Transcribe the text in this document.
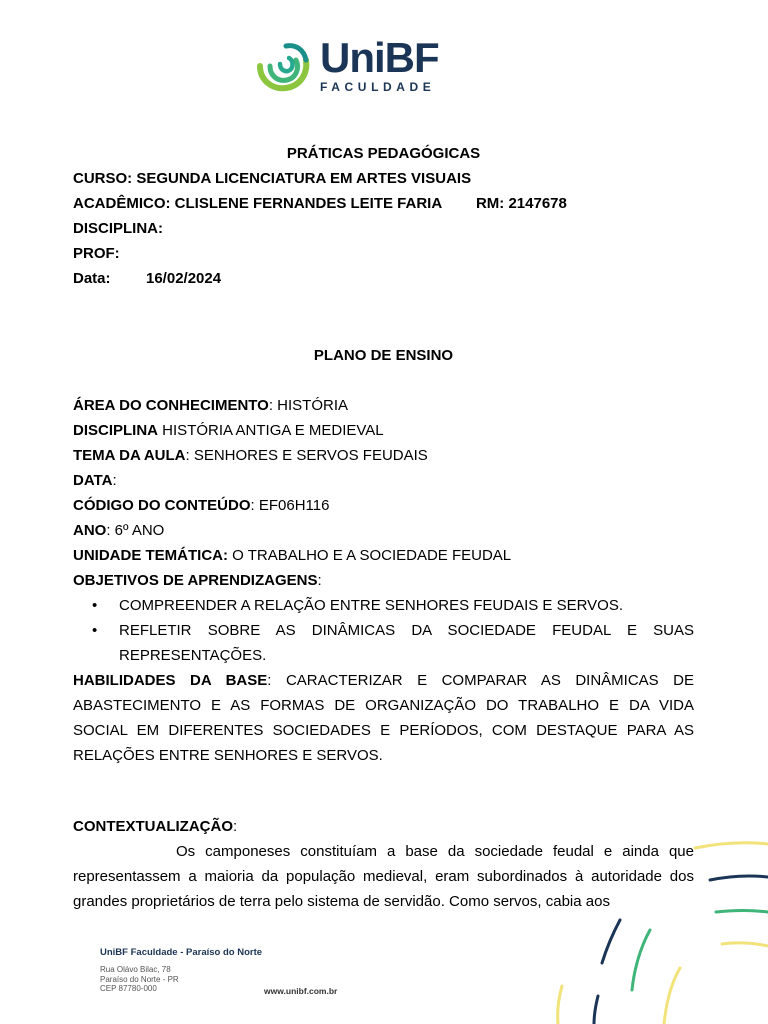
UniBF
FACULDADE
PRÁTICAS PEDAGÓGICAS
CURSO: SEGUNDA LICENCIATURA EM ARTES VISUAIS
ACADÊMICO: CLISLENE FERNANDES LEITE FARIA RM: 2147678
DISCIPLINA:
PROF:
Data: 16/02/2024
PLANO DE ENSINO
ÁREA DO CONHECIMENTO: HISTÓRIA
DISCIPLINA HISTÓRIA ANTIGA E MEDIEVAL
TEMA DA AULA: SENHORES E SERVOS FEUDAIS
DATA:
CÓDIGO DO CONTEÚDO: EF06H116
ANO: 6º ANO
UNIDADE TEMÁTICA: O TRABALHO E A SOCIEDADE FEUDAL
OBJETIVOS DE APRENDIZAGENS:
• COMPREENDER A RELAÇÃO ENTRE SENHORES FEUDAIS E SERVOS.
• REFLETIR SOBRE AS DINÂMICAS DA SOCIEDADE FEUDAL E SUAS REPRESENTAÇÕES.
HABILIDADES DA BASE: CARACTERIZAR E COMPARAR AS DINÂMICAS DE ABASTECIMENTO E AS FORMAS DE ORGANIZAÇÃO DO TRABALHO E DA VIDA SOCIAL EM DIFERENTES SOCIEDADES E PERÍODOS, COM DESTAQUE PARA AS RELAÇÕES ENTRE SENHORES E SERVOS.
CONTEXTUALIZAÇÃO:
Os camponeses constituíam a base da sociedade feudal e ainda que representassem a maioria da população medieval, eram subordinados à autoridade dos grandes proprietários de terra pelo sistema de servidão. Como servos, cabia aos
UniBF Faculdade - Paraíso do Norte
Rua Olávo Bilac, 78
Paraíso do Norte - PR
CEP 87780-000	www.unibf.com.br
